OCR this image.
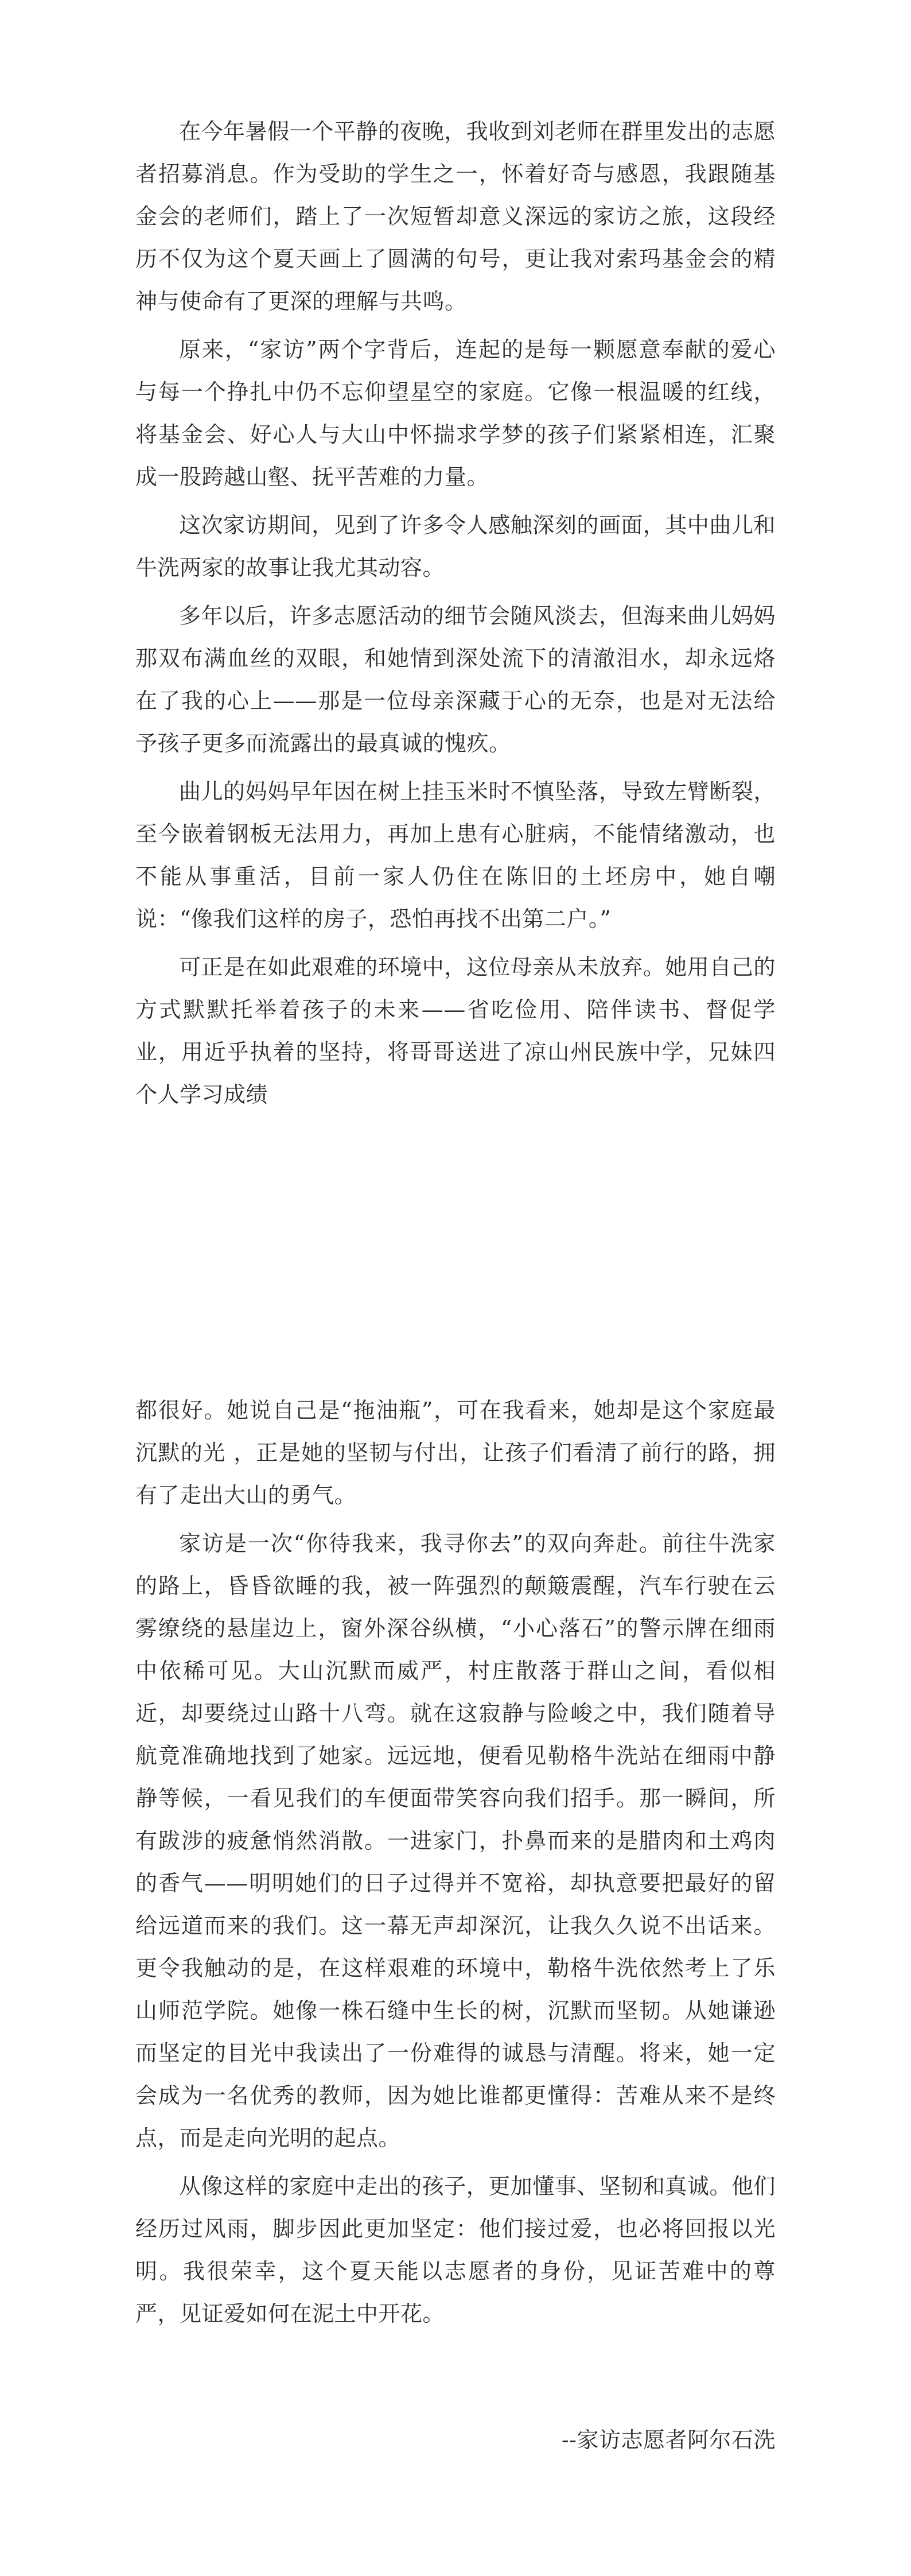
在今年暑假一个平静的夜晚，我收到刘老师在群里发出的志愿者招募消息。作为受助的学生之一，怀着好奇与感恩，我跟随基金会的老师们，踏上了一次短暂却意义深远的家访之旅，这段经历不仅为这个夏天画上了圆满的句号，更让我对索玛基金会的精神与使命有了更深的理解与共鸣。

原来，“家访”两个字背后，连起的是每一颗愿意奉献的爱心与每一个挣扎中仍不忘仰望星空的家庭。它像一根温暖的红线，将基金会、好心人与大山中怀揣求学梦的孩子们紧紧相连，汇聚成一股跨越山壑、抚平苦难的力量。

这次家访期间，见到了许多令人感触深刻的画面，其中曲儿和牛洗两家的故事让我尤其动容。

多年以后，许多志愿活动的细节会随风淡去，但海来曲儿妈妈那双布满血丝的双眼，和她情到深处流下的清澈泪水，却永远烙在了我的心上——那是一位母亲深藏于心的无奈，也是对无法给予孩子更多而流露出的最真诚的愧疚。

曲儿的妈妈早年因在树上挂玉米时不慎坠落，导致左臂断裂，至今嵌着钢板无法用力，再加上患有心脏病，不能情绪激动，也不能从事重活，目前一家人仍住在陈旧的土坯房中，她自嘲说：“像我们这样的房子，恐怕再找不出第二户。”

可正是在如此艰难的环境中，这位母亲从未放弃。她用自己的方式默默托举着孩子的未来——省吃俭用、陪伴读书、督促学业，用近乎执着的坚持，将哥哥送进了凉山州民族中学，兄妹四个人学习成绩

都很好。她说自己是“拖油瓶”，可在我看来，她却是这个家庭最沉默的光 ，正是她的坚韧与付出，让孩子们看清了前行的路，拥有了走出大山的勇气。

家访是一次“你待我来，我寻你去”的双向奔赴。前往牛洗家的路上，昏昏欲睡的我，被一阵强烈的颠簸震醒，汽车行驶在云雾缭绕的悬崖边上，窗外深谷纵横，“小心落石”的警示牌在细雨中依稀可见。大山沉默而威严，村庄散落于群山之间，看似相近，却要绕过山路十八弯。就在这寂静与险峻之中，我们随着导航竟准确地找到了她家。远远地，便看见勒格牛洗站在细雨中静静等候，一看见我们的车便面带笑容向我们招手。那一瞬间，所有跋涉的疲惫悄然消散。一进家门，扑鼻而来的是腊肉和土鸡肉的香气——明明她们的日子过得并不宽裕，却执意要把最好的留给远道而来的我们。这一幕无声却深沉，让我久久说不出话来。更令我触动的是，在这样艰难的环境中，勒格牛洗依然考上了乐山师范学院。她像一株石缝中生长的树，沉默而坚韧。从她谦逊而坚定的目光中我读出了一份难得的诚恳与清醒。将来，她一定会成为一名优秀的教师，因为她比谁都更懂得：苦难从来不是终点，而是走向光明的起点。

从像这样的家庭中走出的孩子，更加懂事、坚韧和真诚。他们经历过风雨，脚步因此更加坚定：他们接过爱，也必将回报以光明。我很荣幸，这个夏天能以志愿者的身份，见证苦难中的尊严，见证爱如何在泥土中开花。

--家访志愿者阿尔石洗
